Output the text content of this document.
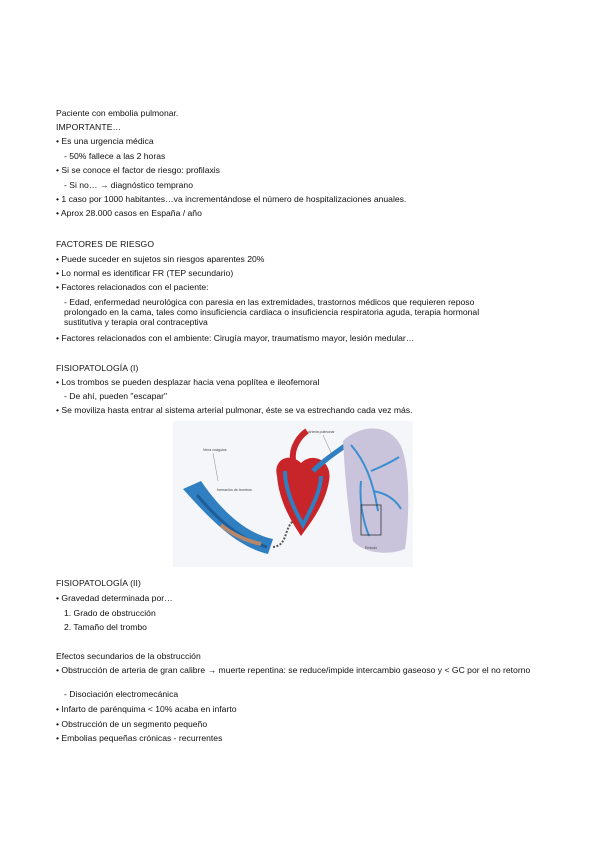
Paciente con embolia pulmonar.
IMPORTANTE…
• Es una urgencia médica
- 50% fallece a las 2 horas
• Si se conoce el factor de riesgo: profilaxis
- Si no… → diagnóstico temprano
• 1 caso por 1000 habitantes…va incrementándose el número de hospitalizaciones anuales.
• Aprox 28.000 casos en España / año
FACTORES DE RIESGO
• Puede suceder en sujetos sin riesgos aparentes 20%
• Lo normal es identificar FR (TEP secundario)
• Factores relacionados con el paciente:
- Edad, enfermedad neurológica con paresia en las extremidades, trastornos médicos que requieren reposo prolongado en la cama, tales como insuficiencia cardiaca o insuficiencia respiratoria aguda, terapia hormonal sustitutiva y terapia oral contraceptiva
• Factores relacionados con el ambiente: Cirugía mayor, traumatismo mayor, lesión medular…
FISIOPATOLOGÍA (I)
• Los trombos se pueden desplazar hacia vena poplítea e ileofemoral
- De ahí, pueden "escapar"
• Se moviliza hasta entrar al sistema arterial pulmonar, éste se va estrechando cada vez más.
FISIOPATOLOGÍA (II)
• Gravedad determinada por…
1. Grado de obstrucción
2. Tamaño del trombo
Efectos secundarios de la obstrucción
• Obstrucción de arteria de gran calibre → muerte repentina: se reduce/impide intercambio gaseoso y < GC por el no retorno
- Disociación electromecánica
• Infarto de parénquima < 10% acaba en infarto
• Obstrucción de un segmento pequeño
• Embolias pequeñas crónicas - recurrentes
Vena coágulos
formación de trombos
Arteria pulmonar
Émbolo
